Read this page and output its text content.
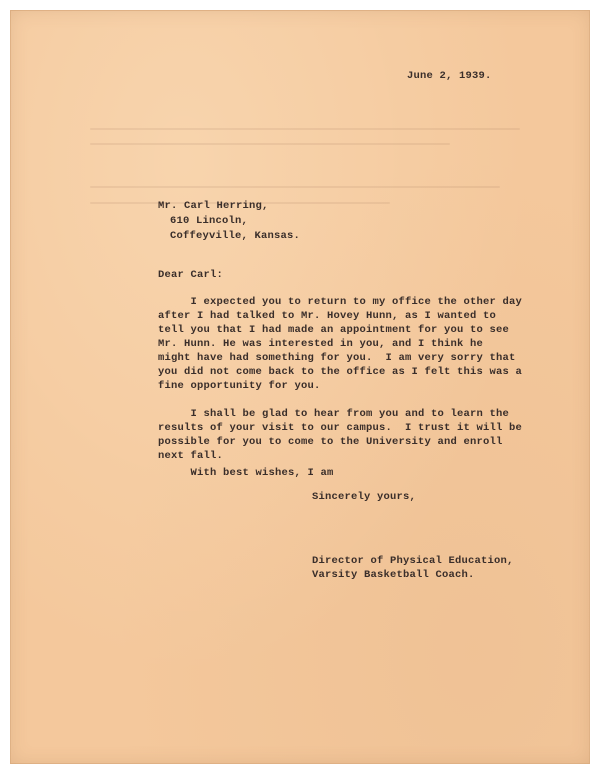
June 2, 1939.

Mr. Carl Herring,

610 Lincoln,

Coffeyville, Kansas.

Dear Carl:

I expected you to return to my office the other day

after I had talked to Mr. Hovey Hunn, as I wanted to

tell you that I had made an appointment for you to see

Mr. Hunn. He was interested in you, and I think he

might have had something for you.  I am very sorry that

you did not come back to the office as I felt this was a

fine opportunity for you.

I shall be glad to hear from you and to learn the

results of your visit to our campus.  I trust it will be

possible for you to come to the University and enroll

next fall.

With best wishes, I am

Sincerely yours,

Director of Physical Education,

Varsity Basketball Coach.
